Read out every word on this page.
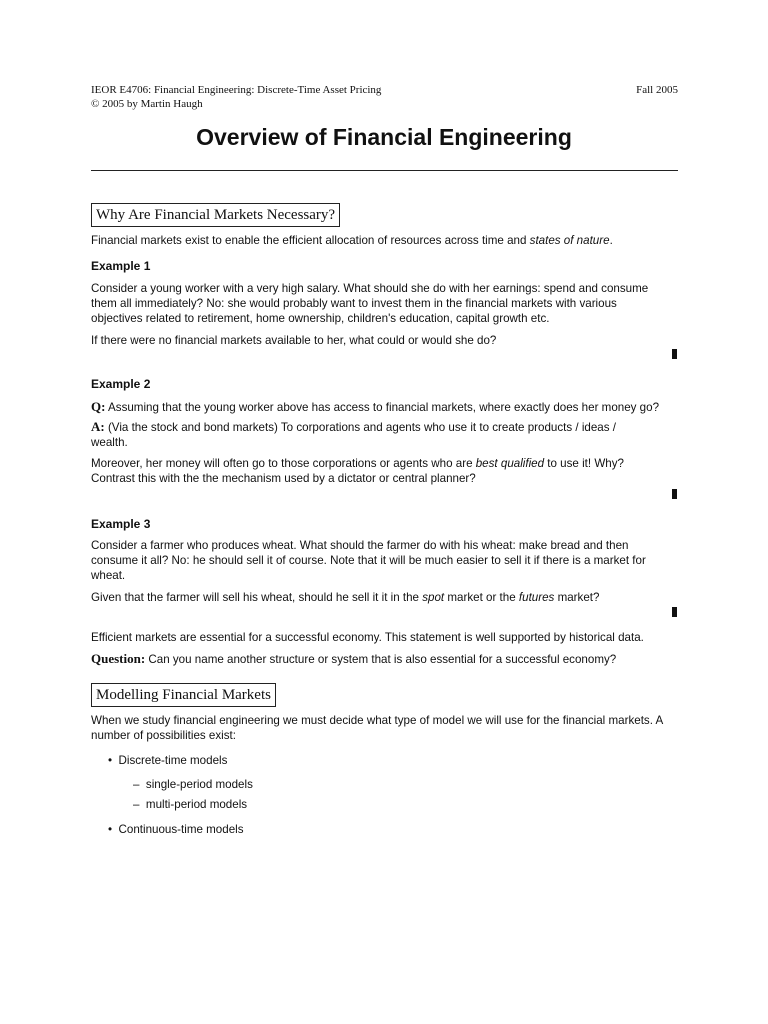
IEOR E4706: Financial Engineering: Discrete-Time Asset Pricing
© 2005 by Martin Haugh
Fall 2005
Overview of Financial Engineering
Why Are Financial Markets Necessary?

Financial markets exist to enable the efficient allocation of resources across time and states of nature.

Example 1

Consider a young worker with a very high salary. What should she do with her earnings: spend and consume
them all immediately? No: she would probably want to invest them in the financial markets with various
objectives related to retirement, home ownership, children's education, capital growth etc.

If there were no financial markets available to her, what could or would she do?

Example 2

Q: Assuming that the young worker above has access to financial markets, where exactly does her money go?

A: (Via the stock and bond markets) To corporations and agents who use it to create products / ideas /
wealth.

Moreover, her money will often go to those corporations or agents who are best qualified to use it! Why?
Contrast this with the the mechanism used by a dictator or central planner?

Example 3

Consider a farmer who produces wheat. What should the farmer do with his wheat: make bread and then
consume it all? No: he should sell it of course. Note that it will be much easier to sell it if there is a market for
wheat.

Given that the farmer will sell his wheat, should he sell it it in the spot market or the futures market?

Efficient markets are essential for a successful economy. This statement is well supported by historical data.

Question: Can you name another structure or system that is also essential for a successful economy?

Modelling Financial Markets

When we study financial engineering we must decide what type of model we will use for the financial markets. A
number of possibilities exist:

• Discrete-time models
– single-period models
– multi-period models
• Continuous-time models
